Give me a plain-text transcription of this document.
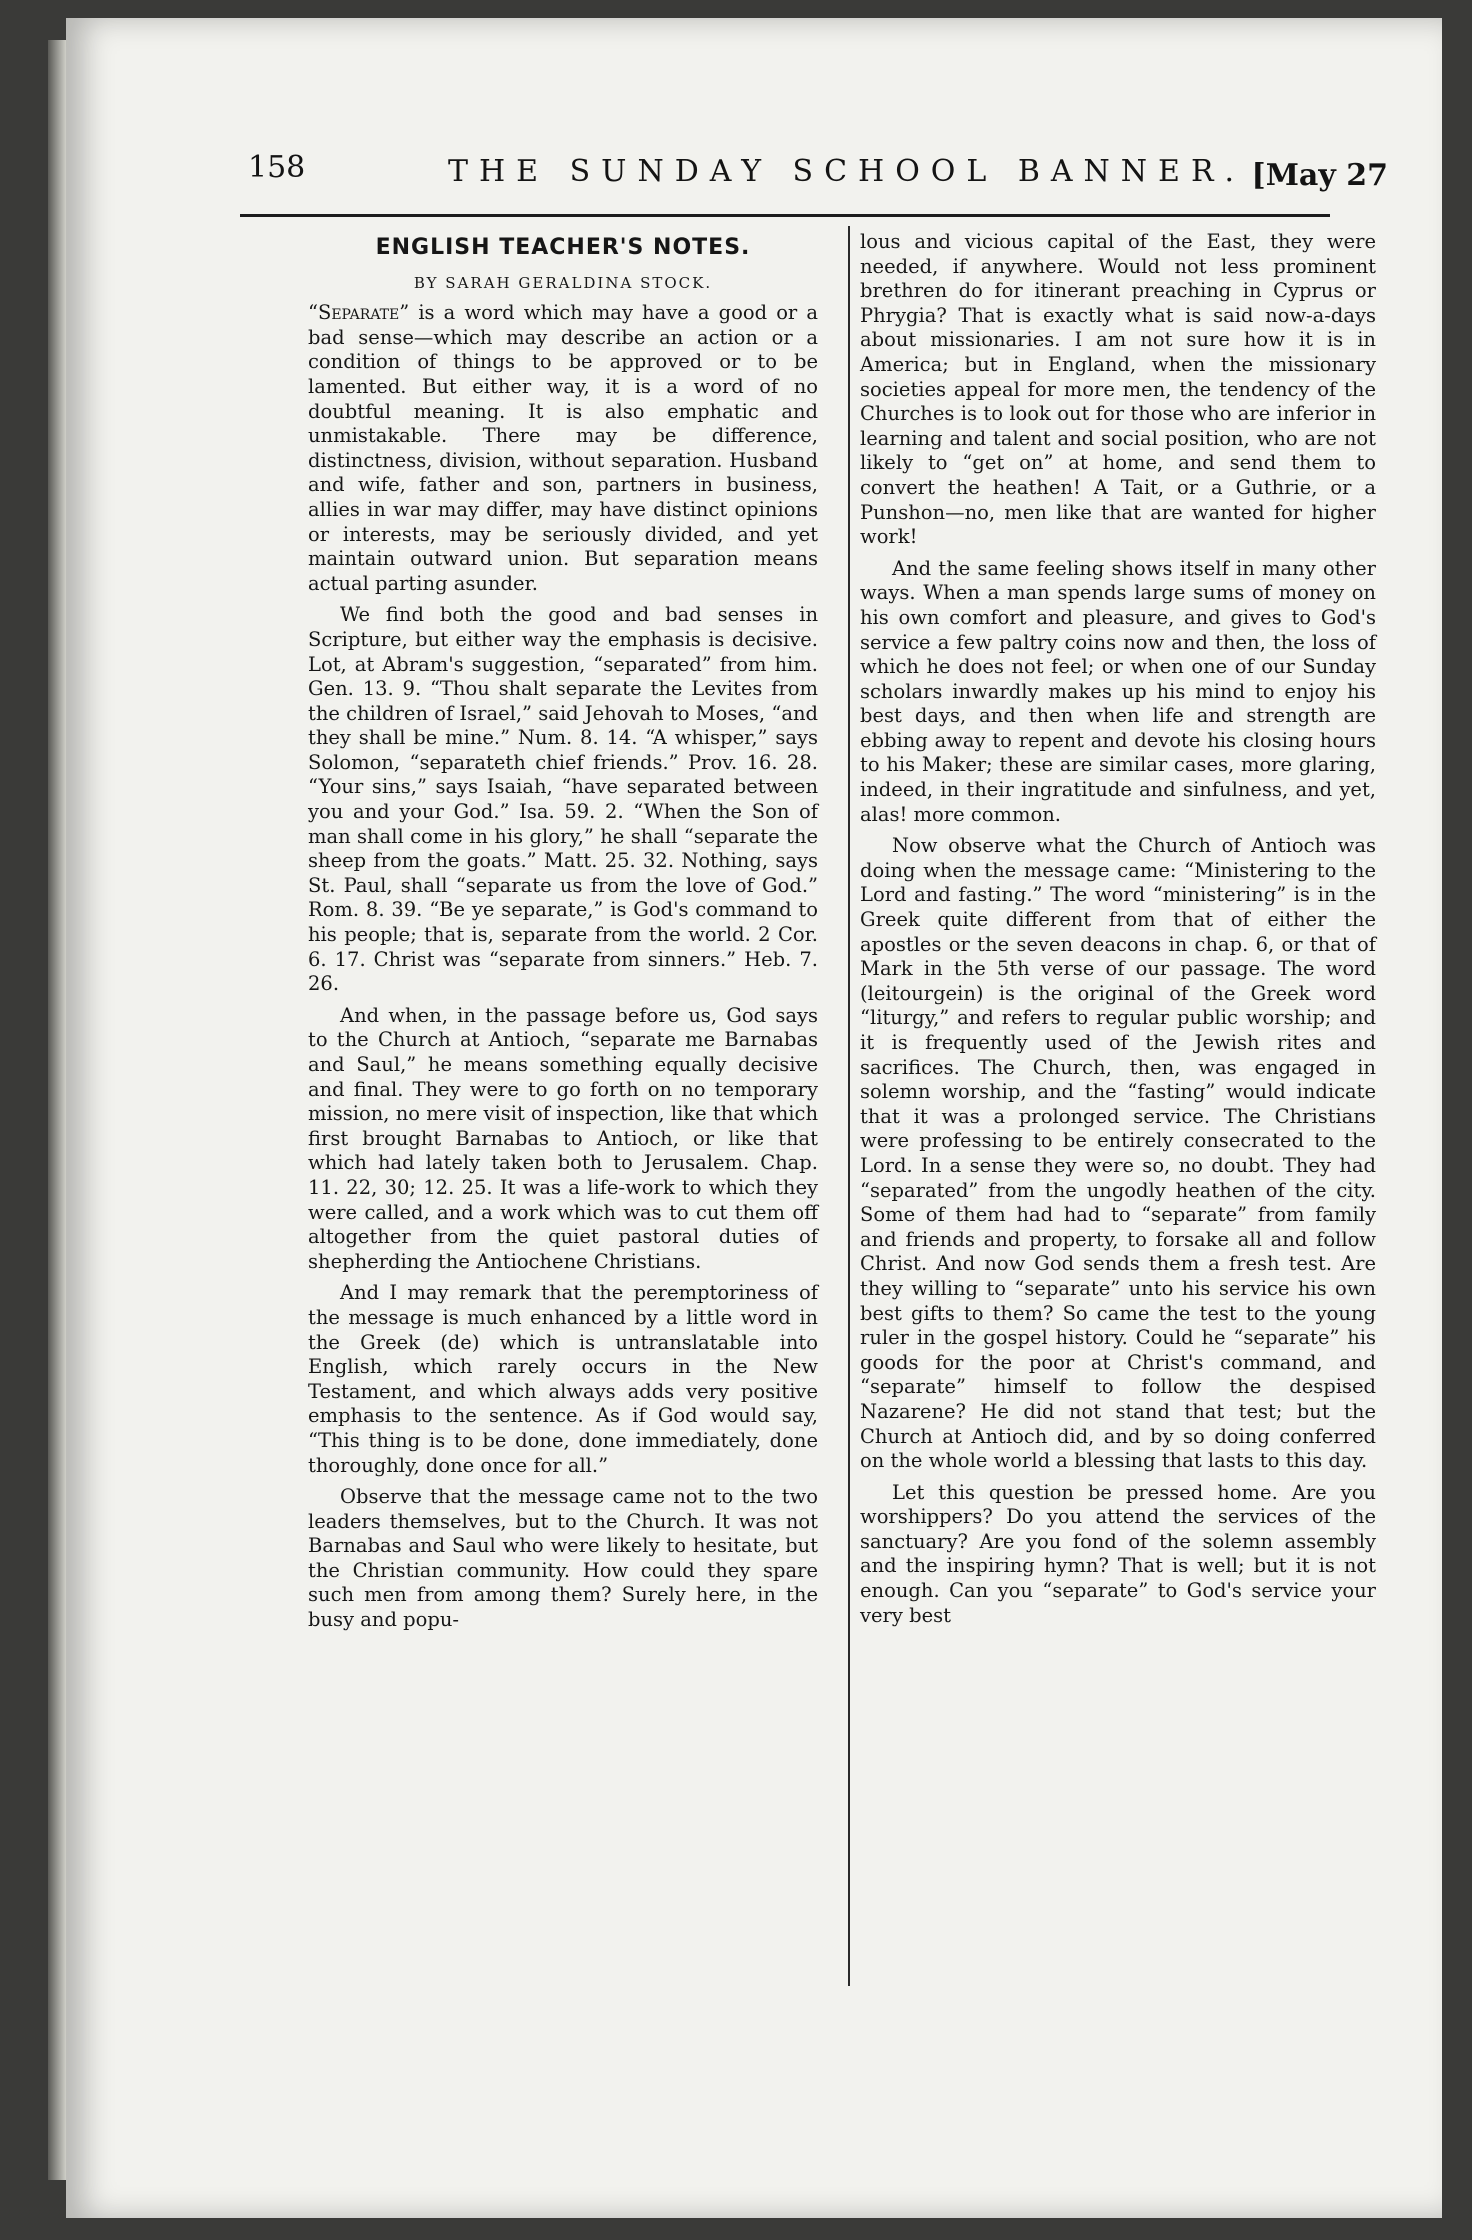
158	THE SUNDAY SCHOOL BANNER. [May 27
ENGLISH TEACHER'S NOTES.
BY SARAH GERALDINA STOCK.

“Separate” is a word which may have a good or a bad sense—which may describe an action or a condition of things to be approved or to be lamented. But either way, it is a word of no doubtful meaning. It is also emphatic and unmistakable. There may be difference, distinctness, division, without separation. Husband and wife, father and son, partners in business, allies in war may differ, may have distinct opinions or interests, may be seriously divided, and yet maintain outward union. But separation means actual parting asunder.

We find both the good and bad senses in Scripture, but either way the emphasis is decisive. Lot, at Abram's suggestion, “separated” from him. Gen. 13. 9. “Thou shalt separate the Levites from the children of Israel,” said Jehovah to Moses, “and they shall be mine.” Num. 8. 14. “A whisper,” says Solomon, “separateth chief friends.” Prov. 16. 28. “Your sins,” says Isaiah, “have separated between you and your God.” Isa. 59. 2. “When the Son of man shall come in his glory,” he shall “separate the sheep from the goats.” Matt. 25. 32. Nothing, says St. Paul, shall “separate us from the love of God.” Rom. 8. 39. “Be ye separate,” is God's command to his people; that is, separate from the world. 2 Cor. 6. 17. Christ was “separate from sinners.” Heb. 7. 26.

And when, in the passage before us, God says to the Church at Antioch, “separate me Barnabas and Saul,” he means something equally decisive and final. They were to go forth on no temporary mission, no mere visit of inspection, like that which first brought Barnabas to Antioch, or like that which had lately taken both to Jerusalem. Chap. 11. 22, 30; 12. 25. It was a life-work to which they were called, and a work which was to cut them off altogether from the quiet pastoral duties of shepherding the Antiochene Christians.

And I may remark that the peremptoriness of the message is much enhanced by a little word in the Greek (de) which is untranslatable into English, which rarely occurs in the New Testament, and which always adds very positive emphasis to the sentence. As if God would say, “This thing is to be done, done immediately, done thoroughly, done once for all.”

Observe that the message came not to the two leaders themselves, but to the Church. It was not Barnabas and Saul who were likely to hesitate, but the Christian community. How could they spare such men from among them? Surely here, in the busy and popu-

lous and vicious capital of the East, they were needed, if anywhere. Would not less prominent brethren do for itinerant preaching in Cyprus or Phrygia? That is exactly what is said now-a-days about missionaries. I am not sure how it is in America; but in England, when the missionary societies appeal for more men, the tendency of the Churches is to look out for those who are inferior in learning and talent and social position, who are not likely to “get on” at home, and send them to convert the heathen! A Tait, or a Guthrie, or a Punshon—no, men like that are wanted for higher work!

And the same feeling shows itself in many other ways. When a man spends large sums of money on his own comfort and pleasure, and gives to God's service a few paltry coins now and then, the loss of which he does not feel; or when one of our Sunday scholars inwardly makes up his mind to enjoy his best days, and then when life and strength are ebbing away to repent and devote his closing hours to his Maker; these are similar cases, more glaring, indeed, in their ingratitude and sinfulness, and yet, alas! more common.

Now observe what the Church of Antioch was doing when the message came: “Ministering to the Lord and fasting.” The word “ministering” is in the Greek quite different from that of either the apostles or the seven deacons in chap. 6, or that of Mark in the 5th verse of our passage. The word (leitourgein) is the original of the Greek word “liturgy,” and refers to regular public worship; and it is frequently used of the Jewish rites and sacrifices. The Church, then, was engaged in solemn worship, and the “fasting” would indicate that it was a prolonged service. The Christians were professing to be entirely consecrated to the Lord. In a sense they were so, no doubt. They had “separated” from the ungodly heathen of the city. Some of them had had to “separate” from family and friends and property, to forsake all and follow Christ. And now God sends them a fresh test. Are they willing to “separate” unto his service his own best gifts to them? So came the test to the young ruler in the gospel history. Could he “separate” his goods for the poor at Christ's command, and “separate” himself to follow the despised Nazarene? He did not stand that test; but the Church at Antioch did, and by so doing conferred on the whole world a blessing that lasts to this day.

Let this question be pressed home. Are you worshippers? Do you attend the services of the sanctuary? Are you fond of the solemn assembly and the inspiring hymn? That is well; but it is not enough. Can you “separate” to God's service your very best
